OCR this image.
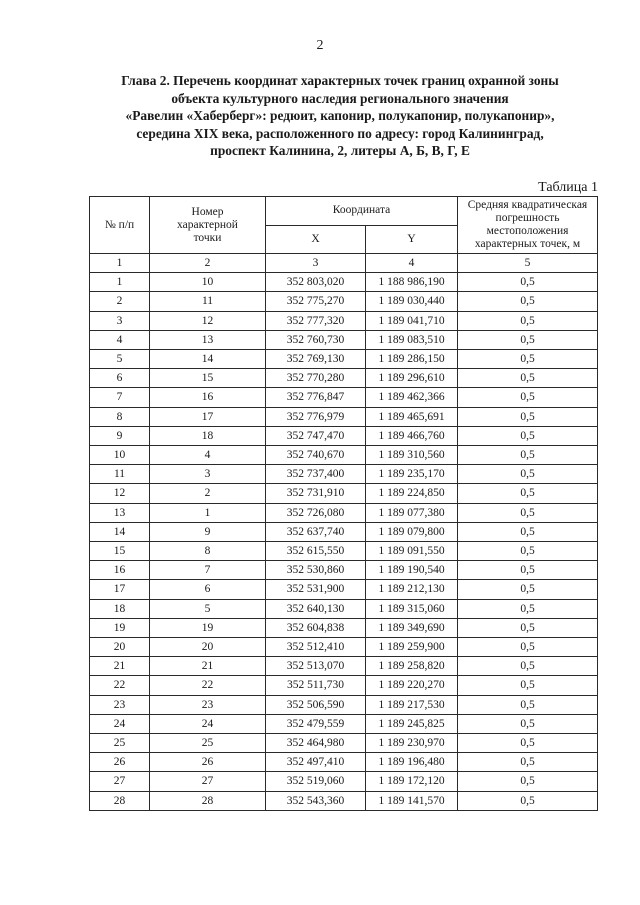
2
Глава 2. Перечень координат характерных точек границ охранной зоны
объекта культурного наследия регионального значения
«Равелин «Хаберберг»: редюит, капонир, полукапонир, полукапонир»,
середина XIX века, расположенного по адресу: город Калининград,
проспект Калинина, 2, литеры А, Б, В, Г, Е
Таблица 1
№ п/п	Номер характерной точки	Координата		Средняя квадратическая погрешность местоположения характерных точек, м

		X	Y	
1	2	3	4	5
1	10	352 803,020	1 188 986,190	0,5
2	11	352 775,270	1 189 030,440	0,5
3	12	352 777,320	1 189 041,710	0,5
4	13	352 760,730	1 189 083,510	0,5
5	14	352 769,130	1 189 286,150	0,5
6	15	352 770,280	1 189 296,610	0,5
7	16	352 776,847	1 189 462,366	0,5
8	17	352 776,979	1 189 465,691	0,5
9	18	352 747,470	1 189 466,760	0,5
10	4	352 740,670	1 189 310,560	0,5
11	3	352 737,400	1 189 235,170	0,5
12	2	352 731,910	1 189 224,850	0,5
13	1	352 726,080	1 189 077,380	0,5
14	9	352 637,740	1 189 079,800	0,5
15	8	352 615,550	1 189 091,550	0,5
16	7	352 530,860	1 189 190,540	0,5
17	6	352 531,900	1 189 212,130	0,5
18	5	352 640,130	1 189 315,060	0,5
19	19	352 604,838	1 189 349,690	0,5
20	20	352 512,410	1 189 259,900	0,5
21	21	352 513,070	1 189 258,820	0,5
22	22	352 511,730	1 189 220,270	0,5
23	23	352 506,590	1 189 217,530	0,5
24	24	352 479,559	1 189 245,825	0,5
25	25	352 464,980	1 189 230,970	0,5
26	26	352 497,410	1 189 196,480	0,5
27	27	352 519,060	1 189 172,120	0,5
28	28	352 543,360	1 189 141,570	0,5
